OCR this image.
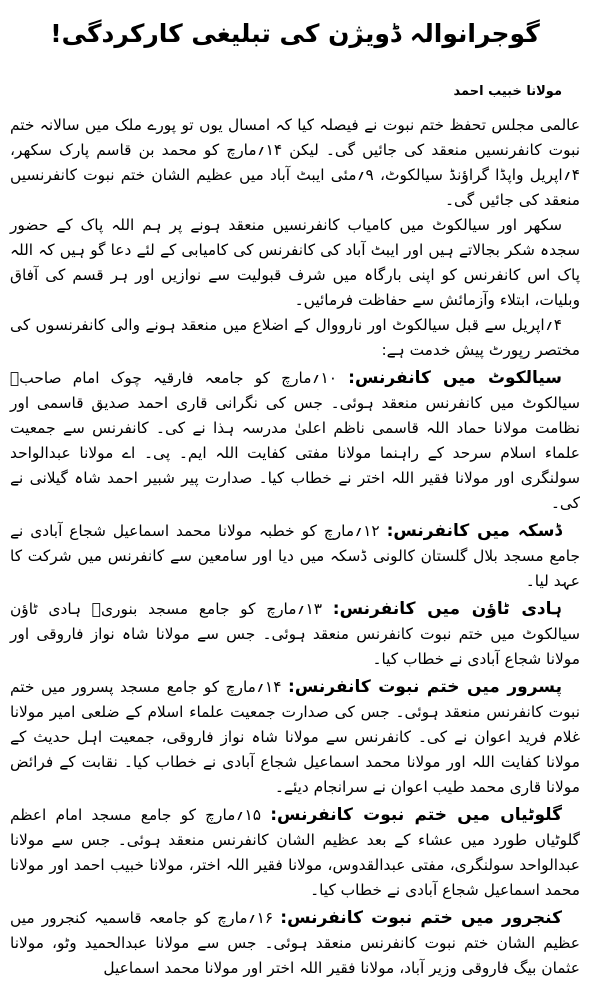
گوجرانوالہ ڈویژن کی تبلیغی کارکردگی!
مولانا خبیب احمد

عالمی مجلس تحفظ ختم نبوت نے فیصلہ کیا کہ امسال یوں تو پورے ملک میں سالانہ ختم نبوت کانفرنسیں منعقد کی جائیں گی۔ لیکن ۱۴؍مارچ کو محمد بن قاسم پارک سکھر، ۴؍اپریل واپڈا گراؤنڈ سیالکوٹ، ۹؍مئی ایبٹ آباد میں عظیم الشان ختم نبوت کانفرنسیں منعقد کی جائیں گی۔

سکھر اور سیالکوٹ میں کامیاب کانفرنسیں منعقد ہونے پر ہم اللہ پاک کے حضور سجدہ شکر بجالاتے ہیں اور ایبٹ آباد کی کانفرنس کی کامیابی کے لئے دعا گو ہیں کہ اللہ پاک اس کانفرنس کو اپنی بارگاہ میں شرف قبولیت سے نوازیں اور ہر قسم کی آفاق وبلیات، ابتلاء وآزمائش سے حفاظت فرمائیں۔

۴؍اپریل سے قبل سیالکوٹ اور نارووال کے اضلاع میں منعقد ہونے والی کانفرنسوں کی مختصر رپورٹ پیش خدمت ہے:

سیالکوٹ میں کانفرنس: ۱۰؍مارچ کو جامعہ فارقیہ چوک امام صاحبؒ سیالکوٹ میں کانفرنس منعقد ہوئی۔ جس کی نگرانی قاری احمد صدیق قاسمی اور نظامت مولانا حماد اللہ قاسمی ناظم اعلیٰ مدرسہ ہذا نے کی۔ کانفرنس سے جمعیت علماء اسلام سرحد کے راہنما مولانا مفتی کفایت اللہ ایم۔ پی۔ اے مولانا عبدالواحد سولنگری اور مولانا فقیر اللہ اختر نے خطاب کیا۔ صدارت پیر شبیر احمد شاہ گیلانی نے کی۔

ڈسکہ میں کانفرنس: ۱۲؍مارچ کو خطبہ مولانا محمد اسماعیل شجاع آبادی نے جامع مسجد بلال گلستان کالونی ڈسکہ میں دیا اور سامعین سے کانفرنس میں شرکت کا عہد لیا۔

ہادی ٹاؤن میں کانفرنس: ۱۳؍مارچ کو جامع مسجد بنوریؒ ہادی ٹاؤن سیالکوٹ میں ختم نبوت کانفرنس منعقد ہوئی۔ جس سے مولانا شاہ نواز فاروقی اور مولانا شجاع آبادی نے خطاب کیا۔

پسرور میں ختم نبوت کانفرنس: ۱۴؍مارچ کو جامع مسجد پسرور میں ختم نبوت کانفرنس منعقد ہوئی۔ جس کی صدارت جمعیت علماء اسلام کے ضلعی امیر مولانا غلام فرید اعوان نے کی۔ کانفرنس سے مولانا شاہ نواز فاروقی، جمعیت اہل حدیث کے مولانا کفایت اللہ اور مولانا محمد اسماعیل شجاع آبادی نے خطاب کیا۔ نقابت کے فرائض مولانا قاری محمد طیب اعوان نے سرانجام دیئے۔

گلوٹیاں میں ختم نبوت کانفرنس: ۱۵؍مارچ کو جامع مسجد امام اعظم گلوٹیاں طورد میں عشاء کے بعد عظیم الشان کانفرنس منعقد ہوئی۔ جس سے مولانا عبدالواحد سولنگری، مفتی عبدالقدوس، مولانا فقیر اللہ اختر، مولانا خبیب احمد اور مولانا محمد اسماعیل شجاع آبادی نے خطاب کیا۔

کنجرور میں ختم نبوت کانفرنس: ۱۶؍مارچ کو جامعہ قاسمیہ کنجرور میں عظیم الشان ختم نبوت کانفرنس منعقد ہوئی۔ جس سے مولانا عبدالحمید وٹو، مولانا عثمان بیگ فاروقی وزیر آباد، مولانا فقیر اللہ اختر اور مولانا محمد اسماعیل
